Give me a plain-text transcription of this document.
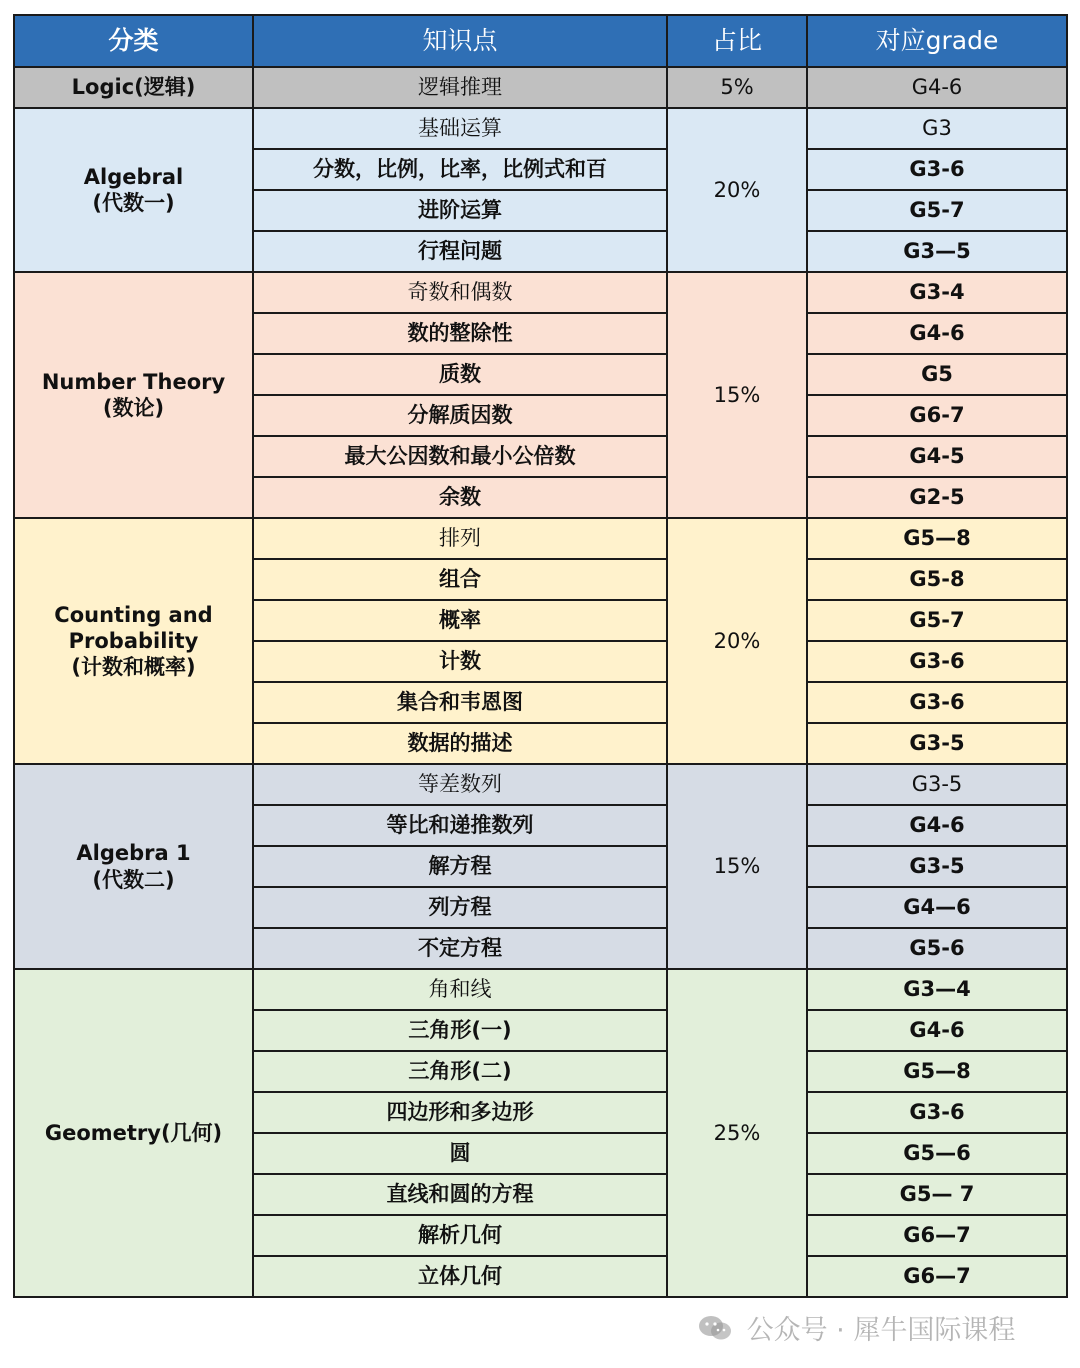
分类	知识点	占比	对应grade

Logic(逻辑)	逻辑推理	5%	G4-6

Algebral
(代数一)	基础运算	20%	G3
	分数，比例，比率，比例式和百		G3-6
	进阶运算		G5-7
	行程问题		G3—5

Number Theory
(数论)	奇数和偶数	15%	G3-4
	数的整除性		G4-6
	质数		G5
	分解质因数		G6-7
	最大公因数和最小公倍数		G4-5
	余数		G2-5

Counting and
Probability
(计数和概率)	排列	20%	G5—8
	组合		G5-8
	概率		G5-7
	计数		G3-6
	集合和韦恩图		G3-6
	数据的描述		G3-5

Algebra 1
(代数二)	等差数列	15%	G3-5
	等比和递推数列		G4-6
	解方程		G3-5
	列方程		G4—6
	不定方程		G5-6

Geometry(几何)	角和线	25%	G3—4
	三角形(一)		G4-6
	三角形(二)		G5—8
	四边形和多边形		G3-6
	圆		G5—6
	直线和圆的方程		G5— 7
	解析几何		G6—7
	立体几何		G6—7
公众号 · 犀牛国际课程
